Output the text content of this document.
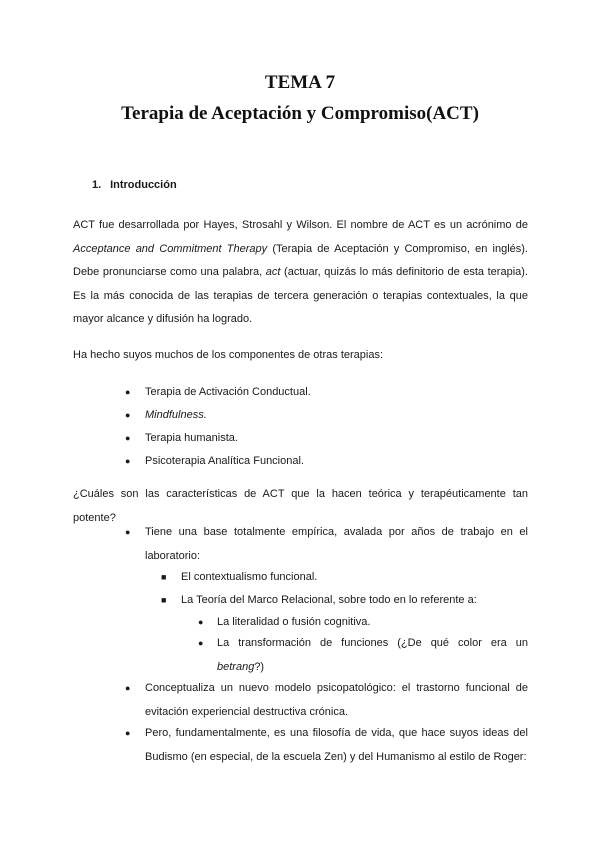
TEMA 7
Terapia de Aceptación y Compromiso(ACT)
1. Introducción
ACT fue desarrollada por Hayes, Strosahl y Wilson. El nombre de ACT es un acrónimo de Acceptance and Commitment Therapy (Terapia de Aceptación y Compromiso, en inglés). Debe pronunciarse como una palabra, act (actuar, quizás lo más definitorio de esta terapia). Es la más conocida de las terapias de tercera generación o terapias contextuales, la que mayor alcance y difusión ha logrado.
Ha hecho suyos muchos de los componentes de otras terapias:
● Terapia de Activación Conductual.
● Mindfulness.
● Terapia humanista.
● Psicoterapia Analítica Funcional.
¿Cuáles son las características de ACT que la hacen teórica y terapéuticamente tan potente?
● Tiene una base totalmente empírica, avalada por años de trabajo en el laboratorio:
■ El contextualismo funcional.
■ La Teoría del Marco Relacional, sobre todo en lo referente a:
● La literalidad o fusión cognitiva.
● La transformación de funciones (¿De qué color era un betrang?)
● Conceptualiza un nuevo modelo psicopatológico: el trastorno funcional de evitación experiencial destructiva crónica.
● Pero, fundamentalmente, es una filosofía de vida, que hace suyos ideas del Budismo (en especial, de la escuela Zen) y del Humanismo al estilo de Roger:
